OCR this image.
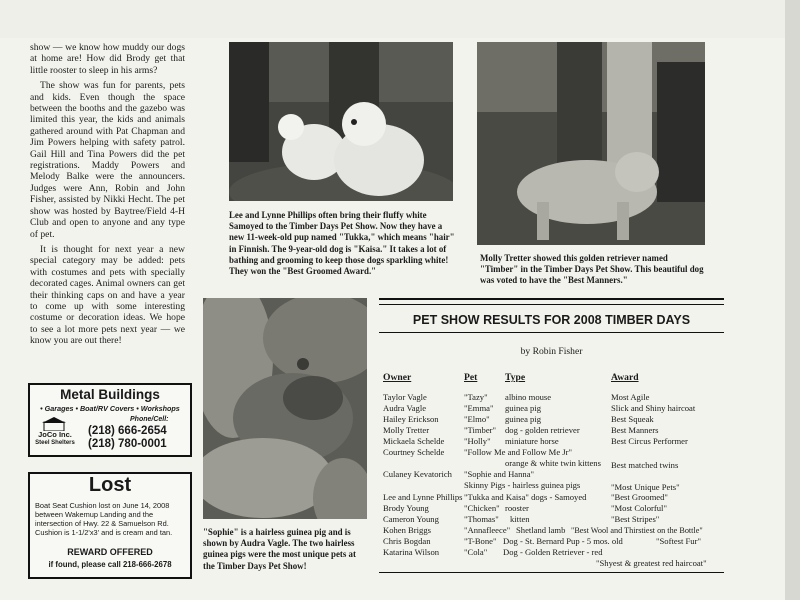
show — we know how muddy our dogs at home are! How did Brody get that little rooster to sleep in his arms?

The show was fun for parents, pets and kids. Even though the space between the booths and the gazebo was limited this year, the kids and animals gathered around with Pat Chapman and Jim Powers helping with safety patrol. Gail Hill and Tina Powers did the pet registrations. Maddy Powers and Melody Balke were the announcers. Judges were Ann, Robin and John Fisher, assisted by Nikki Hecht. The pet show was hosted by Baytree/Field 4-H Club and open to anyone and any type of pet.

It is thought for next year a new special category may be added: pets with costumes and pets with specially decorated cages. Animal owners can get their thinking caps on and have a year to come up with some interesting costume or decoration ideas. We hope to see a lot more pets next year — we know you are out there!

Lee and Lynne Phillips often bring their fluffy white Samoyed to the Timber Days Pet Show. Now they have a new 11-week-old pup named "Tukka," which means "hair" in Finnish. The 9-year-old dog is "Kaisa." It takes a lot of bathing and grooming to keep those dogs sparkling white! They won the "Best Groomed Award."
Molly Tretter showed this golden retriever named "Timber" in the Timber Days Pet Show. This beautiful dog was voted to have the "Best Manners."
"Sophie" is a hairless guinea pig and is shown by Audra Vagle. The two hairless guinea pigs were the most unique pets at the Timber Days Pet Show!
Metal Buildings
• Garages • Boat/RV Covers • Workshops
JoCo Inc.
Steel Shelters
Phone/Cell:
(218) 666-2654
(218) 780-0001
Lost
Boat Seat Cushion lost on June 14, 2008 between Wakemup Landing and the intersection of Hwy. 22 & Samuelson Rd. Cushion is 1-1/2'x3' and is cream and tan.
REWARD OFFERED
if found, please call 218-666-2678
PET SHOW RESULTS FOR 2008 TIMBER DAYS
by Robin Fisher
Owner	Pet	Type	Award
Taylor Vagle	"Tazy" albino mouse	Most Agile
Audra Vagle	"Emma" guinea pig	Slick and Shiny haircoat
Hailey Erickson	"Elmo" guinea pig	Best Squeak
Molly Tretter	"Timber" dog - golden retriever	Best Manners
Mickaela Schelde "Holly" miniature horse	Best Circus Performer
Courtney Schelde "Follow Me and Follow Me Jr"
orange & white twin kittens Best matched twins
Culaney Kevatorich "Sophie and Hanna"
Skinny Pigs - hairless guinea pigs	"Most Unique Pets"
Lee and Lynne Phillips "Tukka and Kaisa" dogs - Samoyed	"Best Groomed"
Brody Young	"Chicken" rooster	"Most Colorful"
Cameron Young	"Thomas" kitten	"Best Stripes"
Kohen Briggs	"Annafleece" Shetland lamb "Best Wool and Thirstiest on the Bottle"
Chris Bogdan	"T-Bone" Dog - St. Bernard Pup - 5 mos. old	"Softest Fur"
Katarina Wilson	"Cola" Dog - Golden Retriever - red
"Shyest & greatest red haircoat"
